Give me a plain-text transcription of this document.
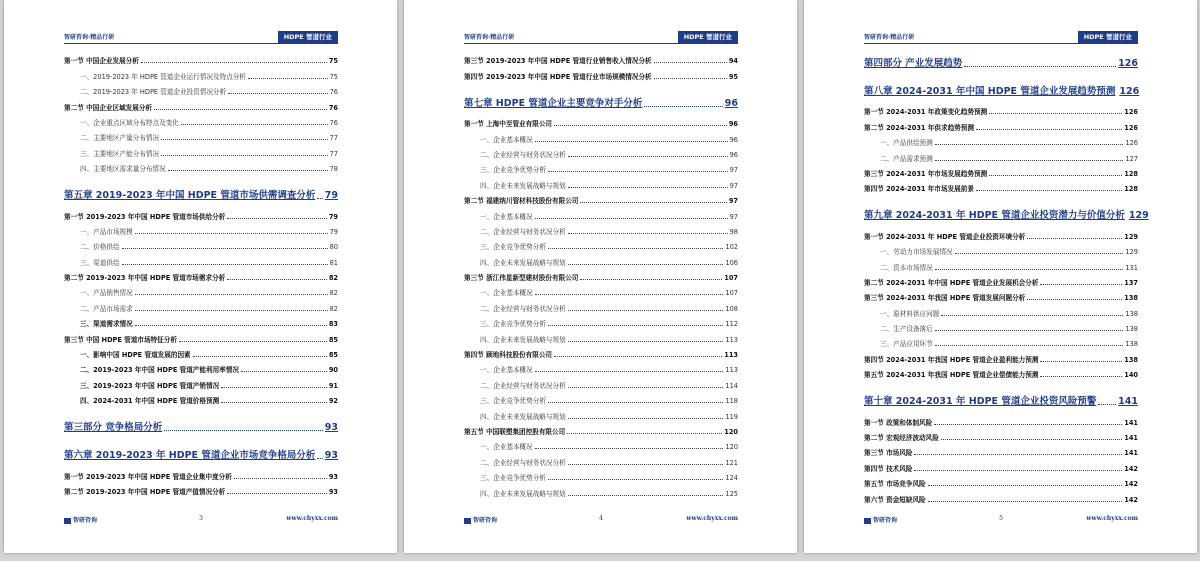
智研咨询·精品行研	HDPE 管道行业
第一节 中国企业发展分析	75
一、2019-2023 年 HDPE 管道企业运行情况及特点分析	75
二、2019-2023 年 HDPE 管道企业投资情况分析	76
第二节 中国企业区域发展分析	76
一、企业重点区域分布特点及变化	76
二、主要地区产量分布情况	77
三、主要地区产能分布情况	77
四、主要地区需求量分布情况	78
第五章 2019-2023 年中国 HDPE 管道市场供需调查分析 79
第一节 2019-2023 年中国 HDPE 管道市场供给分析	79
一、产品市场规模	79
二、价格供给	80
三、渠道供给	81
第二节 2019-2023 年中国 HDPE 管道市场需求分析	82
一、产品销售情况	82
二、产品市场需求	82
三、渠道需求情况	83
第三节 中国 HDPE 管道市场特征分析	85
一、影响中国 HDPE 管道发展的因素	85
二、2019-2023 年中国 HDPE 管道产能利用率情况	90
三、2019-2023 年中国 HDPE 管道产销情况	91
四、2024-2031 年中国 HDPE 管道价格预测	92
第三部分 竞争格局分析	93
第六章 2019-2023 年 HDPE 管道企业市场竞争格局分析 93
第一节 2019-2023 年中国 HDPE 管道企业集中度分析	93
第二节 2019-2023 年中国 HDPE 管道产值情况分析	93
智研咨询	3	www.chyxx.com
智研咨询·精品行研	HDPE 管道行业
第三节 2019-2023 年中国 HDPE 管道行业销售收入情况分析	94
第四节 2019-2023 年中国 HDPE 管道行业市场规模情况分析	95
第七章 HDPE 管道企业主要竞争对手分析	96
第一节 上海中至管业有限公司	96
一、企业基本概况	96
二、企业经营与财务状况分析	96
三、企业竞争优势分析	97
四、企业未来发展战略与规划	97
第二节 福建纳川管材科技股份有限公司	97
一、企业基本概况	97
二、企业经营与财务状况分析	98
三、企业竞争优势分析	102
四、企业未来发展战略与规划	106
第三节 浙江伟星新型建材股份有限公司	107
一、企业基本概况	107
二、企业经营与财务状况分析	108
三、企业竞争优势分析	112
四、企业未来发展战略与规划	113
第四节 顾地科技股份有限公司	113
一、企业基本概况	113
二、企业经营与财务状况分析	114
三、企业竞争优势分析	118
四、企业未来发展战略与规划	119
第五节 中国联塑集团控股有限公司	120
一、企业基本概况	120
二、企业经营与财务状况分析	121
三、企业竞争优势分析	124
四、企业未来发展战略与规划	125
智研咨询	4	www.chyxx.com
智研咨询·精品行研	HDPE 管道行业
第四部分 产业发展趋势	126
第八章 2024-2031 年中国 HDPE 管道企业发展趋势预测 126
第一节 2024-2031 年政策变化趋势预测	126
第二节 2024-2031 年供求趋势预测	126
一、产品供给预测	126
二、产品需求预测	127
第三节 2024-2031 年市场发展趋势预测	128
第四节 2024-2031 年市场发展前景	128
第九章 2024-2031 年 HDPE 管道企业投资潜力与价值分析 129
第一节 2024-2031 年 HDPE 管道企业投资环境分析	129
一、劳动力市场发展情况	129
二、资本市场情况	131
第二节 2024-2031 年中国 HDPE 管道企业发展机会分析	137
第三节 2024-2031 年我国 HDPE 管道发展问题分析	138
一、原材料供应问题	138
二、生产设备落后	138
三、产品应用环节	138
第四节 2024-2031 年我国 HDPE 管道企业盈利能力预测	138
第五节 2024-2031 年我国 HDPE 管道企业偿债能力预测	140
第十章 2024-2031 年 HDPE 管道企业投资风险预警 141
第一节 政策和体制风险	141
第二节 宏观经济波动风险	141
第三节 市场风险	141
第四节 技术风险	142
第五节 市场竞争风险	142
第六节 资金短缺风险	142
智研咨询	5	www.chyxx.com
